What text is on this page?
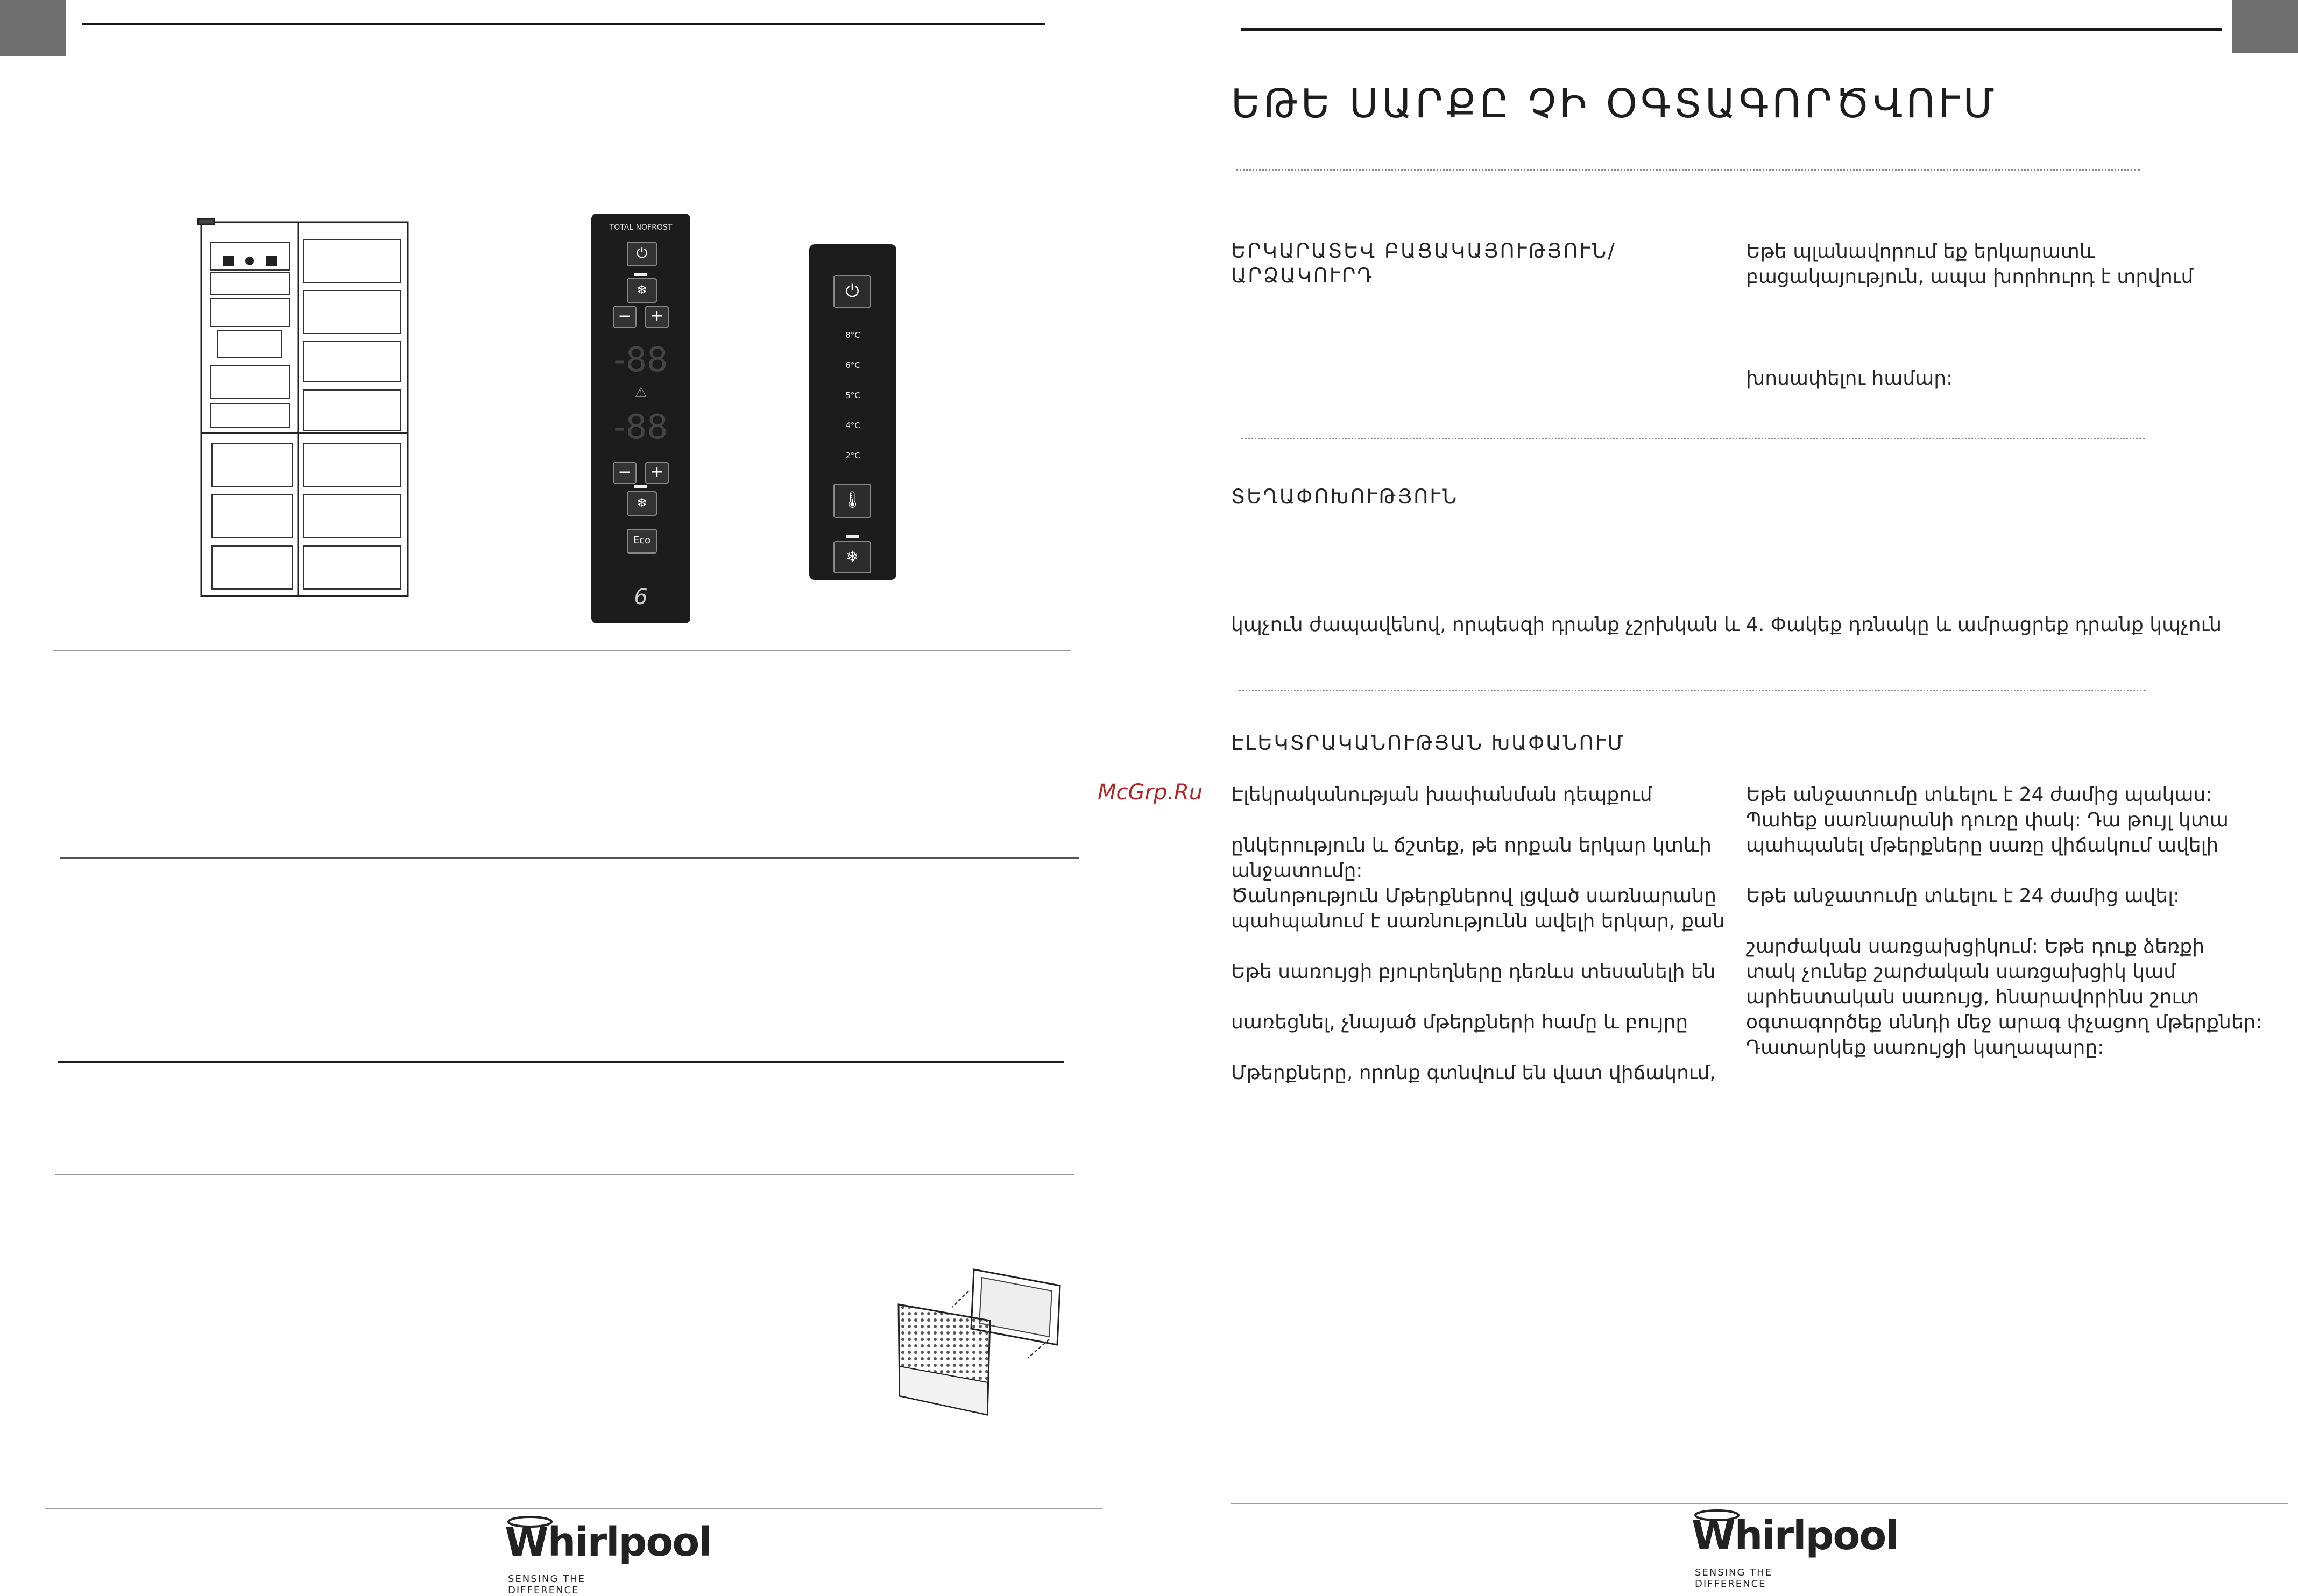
TOTAL NOFROST
⏻
❄
−	+
-88
⚠
-88
−	+
❄
Eco
6
⏻
8°C
6°C
5°C
4°C
2°C
🌡
❄
Whirlpool
SENSING THE DIFFERENCE
McGrp.Ru
ԵԹԵ ՍԱՐՔԸ ՉԻ ՕԳՏԱԳՈՐԾՎՈՒՄ
ԵՐԿԱՐԱՏԵՎ ԲԱՑԱԿԱՅՈՒԹՅՈՒՆ/ ԱՐՁԱԿՈՒՐԴ
Եթե պլանավորում եք երկարատև
բացակայություն, ապա խորհուրդ է տրվում
խոսափելու համար:
ՏԵՂԱՓՈԽՈՒԹՅՈՒՆ
կպչուն ժապավենով, որպեսզի դրանք չշրխկան և 4. Փակեք դռնակը և ամրացրեք դրանք կպչուն
ԷԼԵԿՏՐԱԿԱՆՈՒԹՅԱՆ ԽԱՓԱՆՈՒՄ
Էլեկրականության խափանման դեպքում
ընկերություն և ճշտեք, թե որքան երկար կտևի
անջատումը:
Ծանոթություն Մթերքներով լցված սառնարանը
պահպանում է սառնությունն ավելի երկար, քան
Եթե սառույցի բյուրեղները դեռևս տեսանելի են
սառեցնել, չնայած մթերքների համը և բույրը
Մթերքները, որոնք գտնվում են վատ վիճակում,
Եթե անջատումը տևելու է 24 ժամից պակաս:
Պահեք սառնարանի դուռը փակ: Դա թույլ կտա
պահպանել մթերքները սառը վիճակում ավելի
Եթե անջատումը տևելու է 24 ժամից ավել:
շարժական սառցախցիկում: Եթե դուք ձեռքի
տակ չունեք շարժական սառցախցիկ կամ
արհեստական սառույց, հնարավորինս շուտ
օգտագործեք սննդի մեջ արագ փչացող մթերքներ:
Դատարկեք սառույցի կաղապարը:
Whirlpool
SENSING THE DIFFERENCE
